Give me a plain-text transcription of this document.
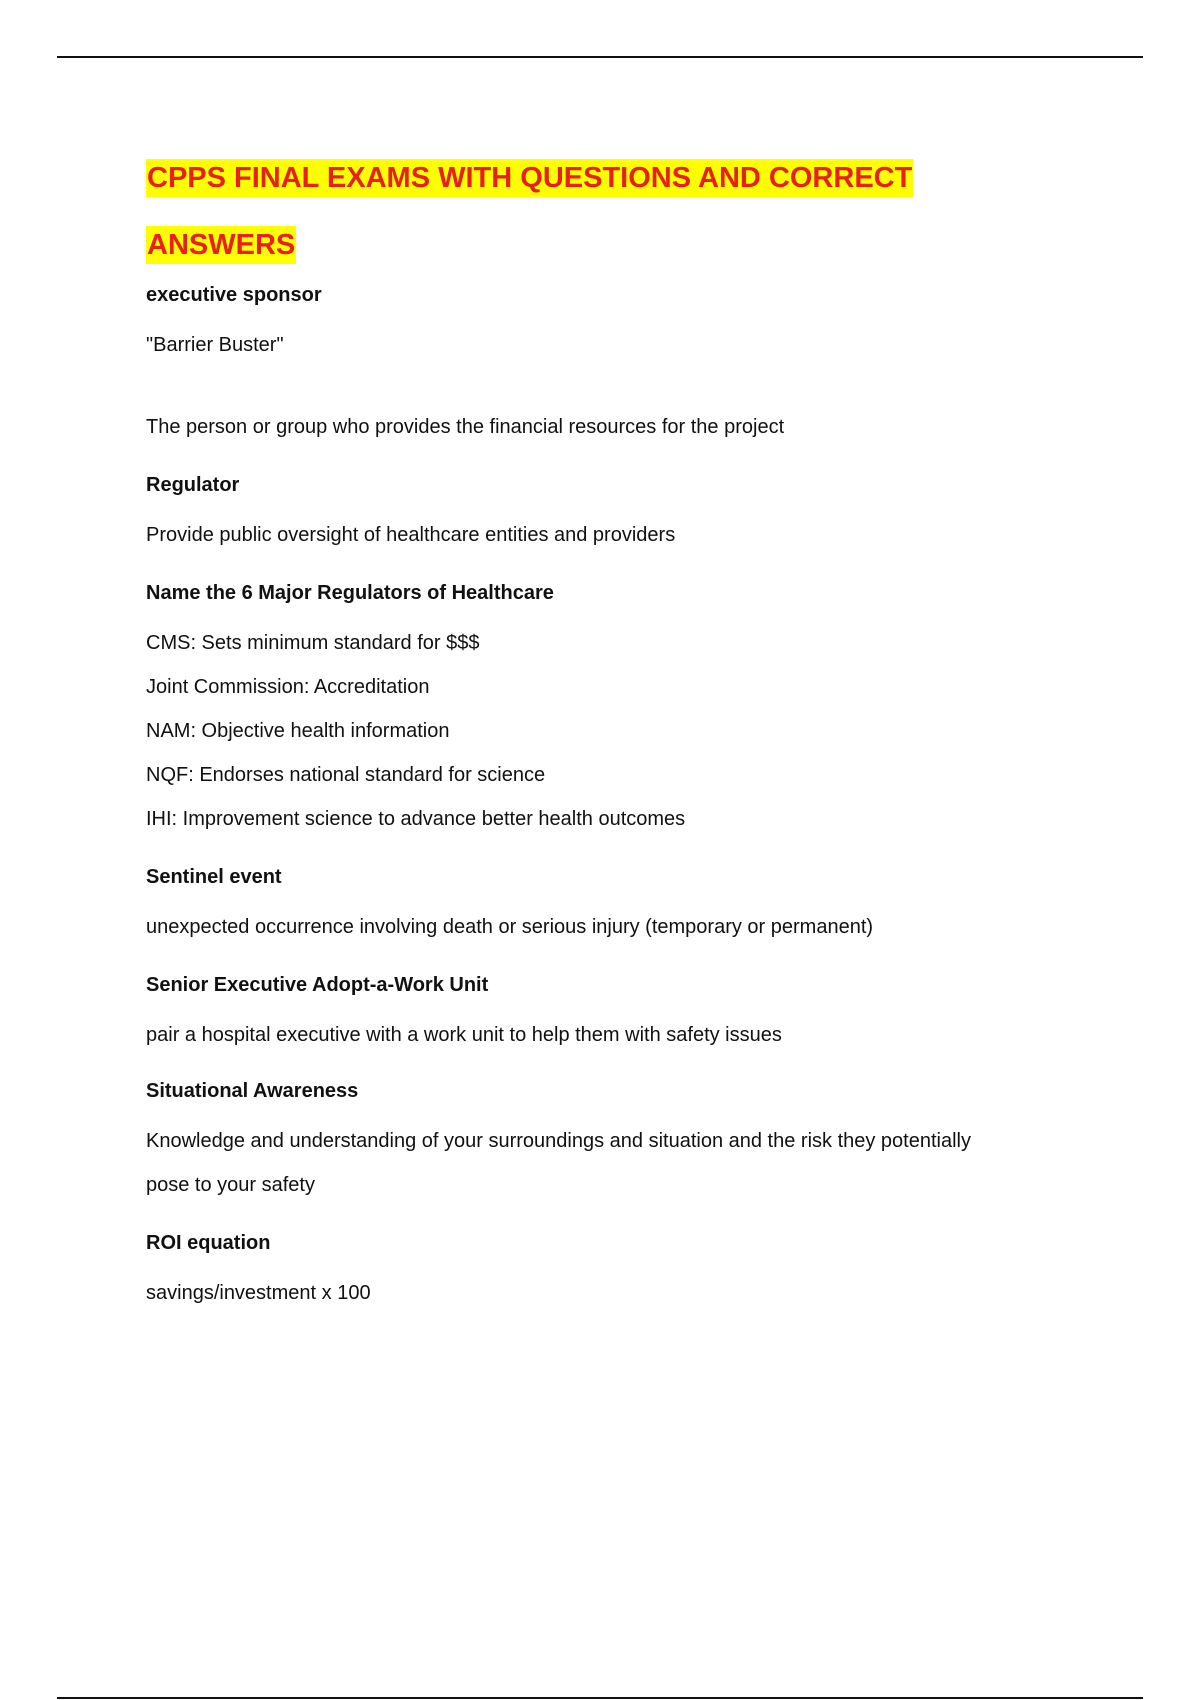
CPPS FINAL EXAMS WITH QUESTIONS AND CORRECT
ANSWERS

executive sponsor

"Barrier Buster"

The person or group who provides the financial resources for the project

Regulator

Provide public oversight of healthcare entities and providers

Name the 6 Major Regulators of Healthcare

CMS: Sets minimum standard for $$$

Joint Commission: Accreditation

NAM: Objective health information

NQF: Endorses national standard for science

IHI: Improvement science to advance better health outcomes

Sentinel event

unexpected occurrence involving death or serious injury (temporary or permanent)

Senior Executive Adopt-a-Work Unit

pair a hospital executive with a work unit to help them with safety issues

Situational Awareness

Knowledge and understanding of your surroundings and situation and the risk they potentially

pose to your safety

ROI equation

savings/investment x 100
